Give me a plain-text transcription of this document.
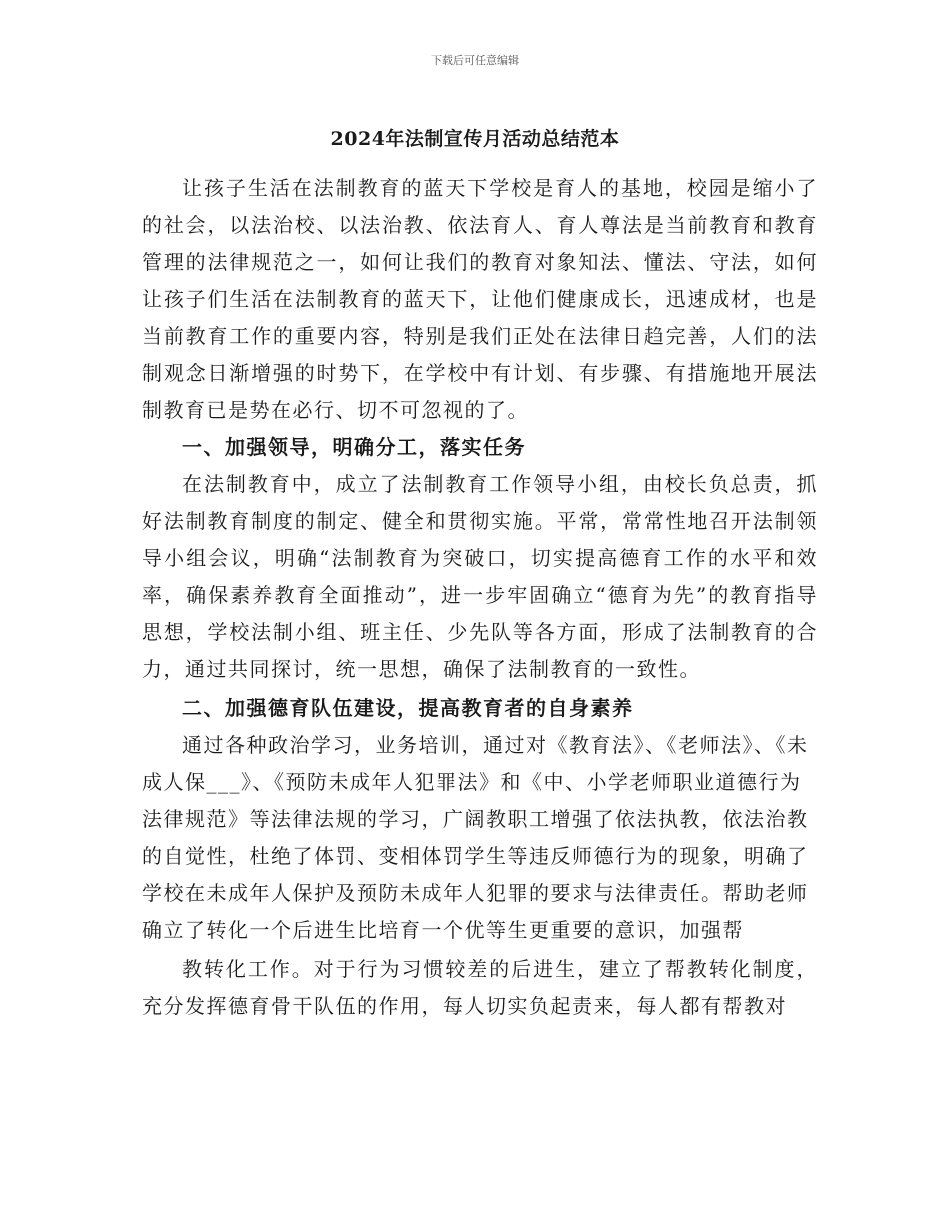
下载后可任意编辑
2024年法制宣传月活动总结范本

让孩子生活在法制教育的蓝天下学校是育人的基地，校园是缩小了的社会，以法治校、以法治教、依法育人、育人尊法是当前教育和教育管理的法律规范之一，如何让我们的教育对象知法、懂法、守法，如何让孩子们生活在法制教育的蓝天下，让他们健康成长，迅速成材，也是当前教育工作的重要内容，特别是我们正处在法律日趋完善，人们的法制观念日渐增强的时势下，在学校中有计划、有步骤、有措施地开展法制教育已是势在必行、切不可忽视的了。

一、加强领导，明确分工，落实任务

在法制教育中，成立了法制教育工作领导小组，由校长负总责，抓好法制教育制度的制定、健全和贯彻实施。平常，常常性地召开法制领导小组会议，明确“法制教育为突破口，切实提高德育工作的水平和效率，确保素养教育全面推动”，进一步牢固确立“德育为先”的教育指导思想，学校法制小组、班主任、少先队等各方面，形成了法制教育的合力，通过共同探讨，统一思想，确保了法制教育的一致性。

二、加强德育队伍建设，提高教育者的自身素养

通过各种政治学习，业务培训，通过对《教育法》、《老师法》、《未成人保___》、《预防未成年人犯罪法》和《中、小学老师职业道德行为法律规范》等法律法规的学习，广阔教职工增强了依法执教，依法治教的自觉性，杜绝了体罚、变相体罚学生等违反师德行为的现象，明确了学校在未成年人保护及预防未成年人犯罪的要求与法律责任。帮助老师确立了转化一个后进生比培育一个优等生更重要的意识，加强帮

教转化工作。对于行为习惯较差的后进生，建立了帮教转化制度，充分发挥德育骨干队伍的作用，每人切实负起责来，每人都有帮教对
